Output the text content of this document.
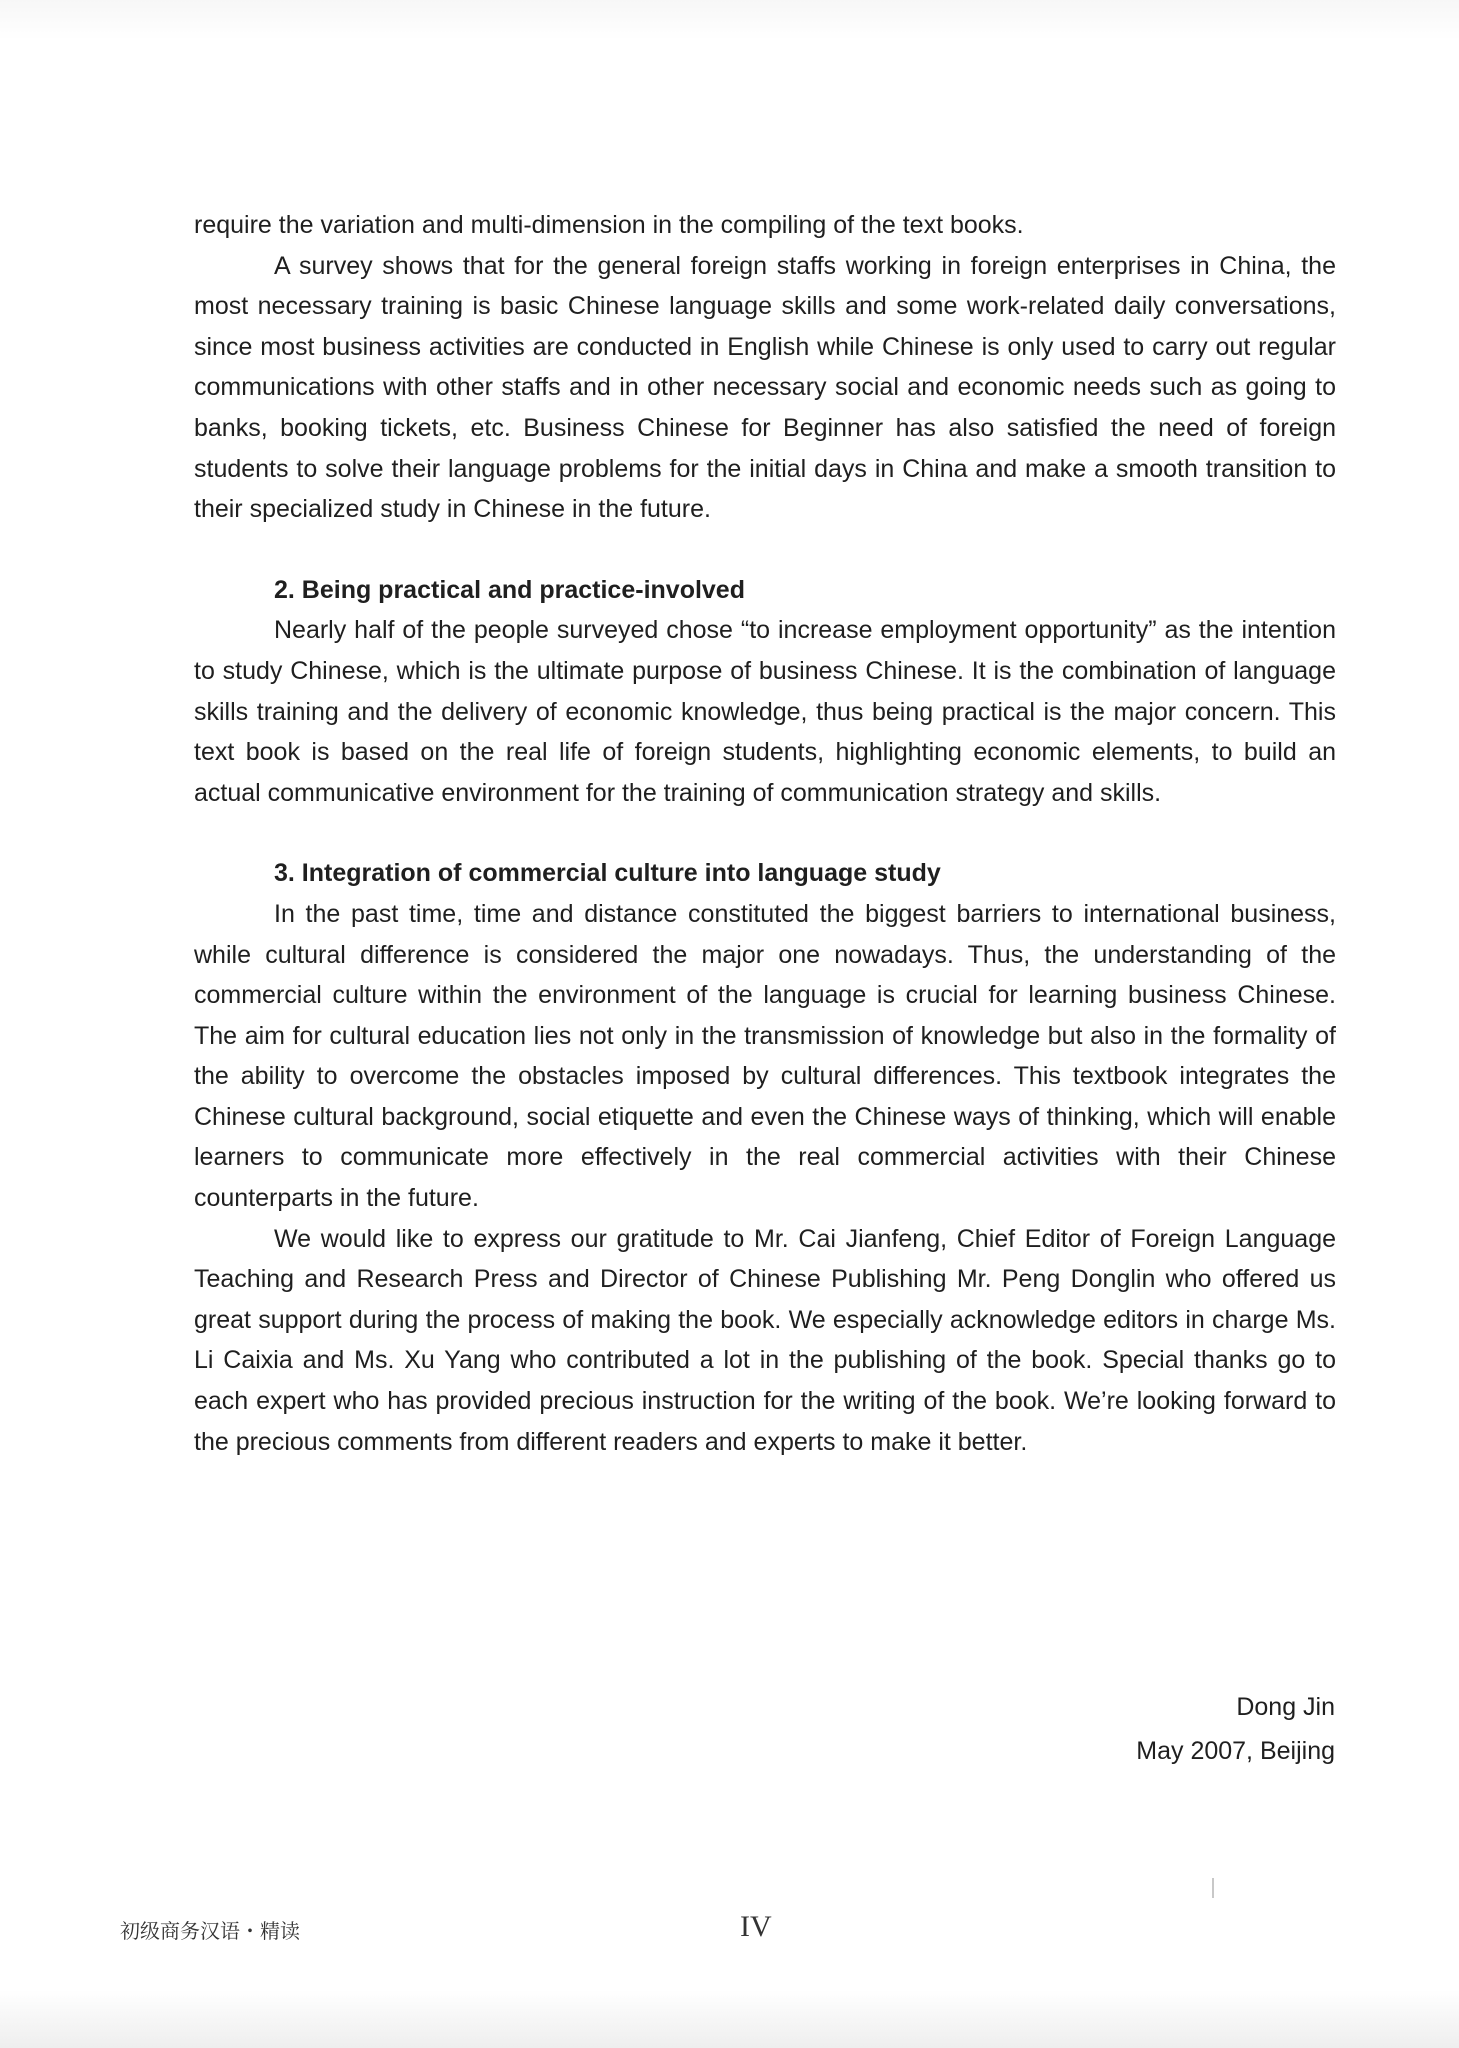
require the variation and multi-dimension in the compiling of the text books.

A survey shows that for the general foreign staffs working in foreign enterprises in China, the most necessary training is basic Chinese language skills and some work-related daily conversations, since most business activities are conducted in English while Chinese is only used to carry out regular communications with other staffs and in other necessary social and economic needs such as going to banks, booking tickets, etc. Business Chinese for Beginner has also satisfied the need of foreign students to solve their language problems for the initial days in China and make a smooth transition to their specialized study in Chinese in the future.

2. Being practical and practice-involved

Nearly half of the people surveyed chose “to increase employment opportunity” as the intention to study Chinese, which is the ultimate purpose of business Chinese. It is the combination of language skills training and the delivery of economic knowledge, thus being practical is the major concern. This text book is based on the real life of foreign students, highlighting economic elements, to build an actual communicative environment for the training of communication strategy and skills.

3. Integration of commercial culture into language study

In the past time, time and distance constituted the biggest barriers to international business, while cultural difference is considered the major one nowadays. Thus, the understanding of the commercial culture within the environment of the language is crucial for learning business Chinese. The aim for cultural education lies not only in the transmission of knowledge but also in the formality of the ability to overcome the obstacles imposed by cultural differences. This textbook integrates the Chinese cultural background, social etiquette and even the Chinese ways of thinking, which will enable learners to communicate more effectively in the real commercial activities with their Chinese counterparts in the future.

We would like to express our gratitude to Mr. Cai Jianfeng, Chief Editor of Foreign Language Teaching and Research Press and Director of Chinese Publishing Mr. Peng Donglin who offered us great support during the process of making the book. We especially acknowledge editors in charge Ms. Li Caixia and Ms. Xu Yang who contributed a lot in the publishing of the book. Special thanks go to each expert who has provided precious instruction for the writing of the book. We’re looking forward to the precious comments from different readers and experts to make it better.

Dong Jin
May 2007, Beijing
初级商务汉语・精读	IV
